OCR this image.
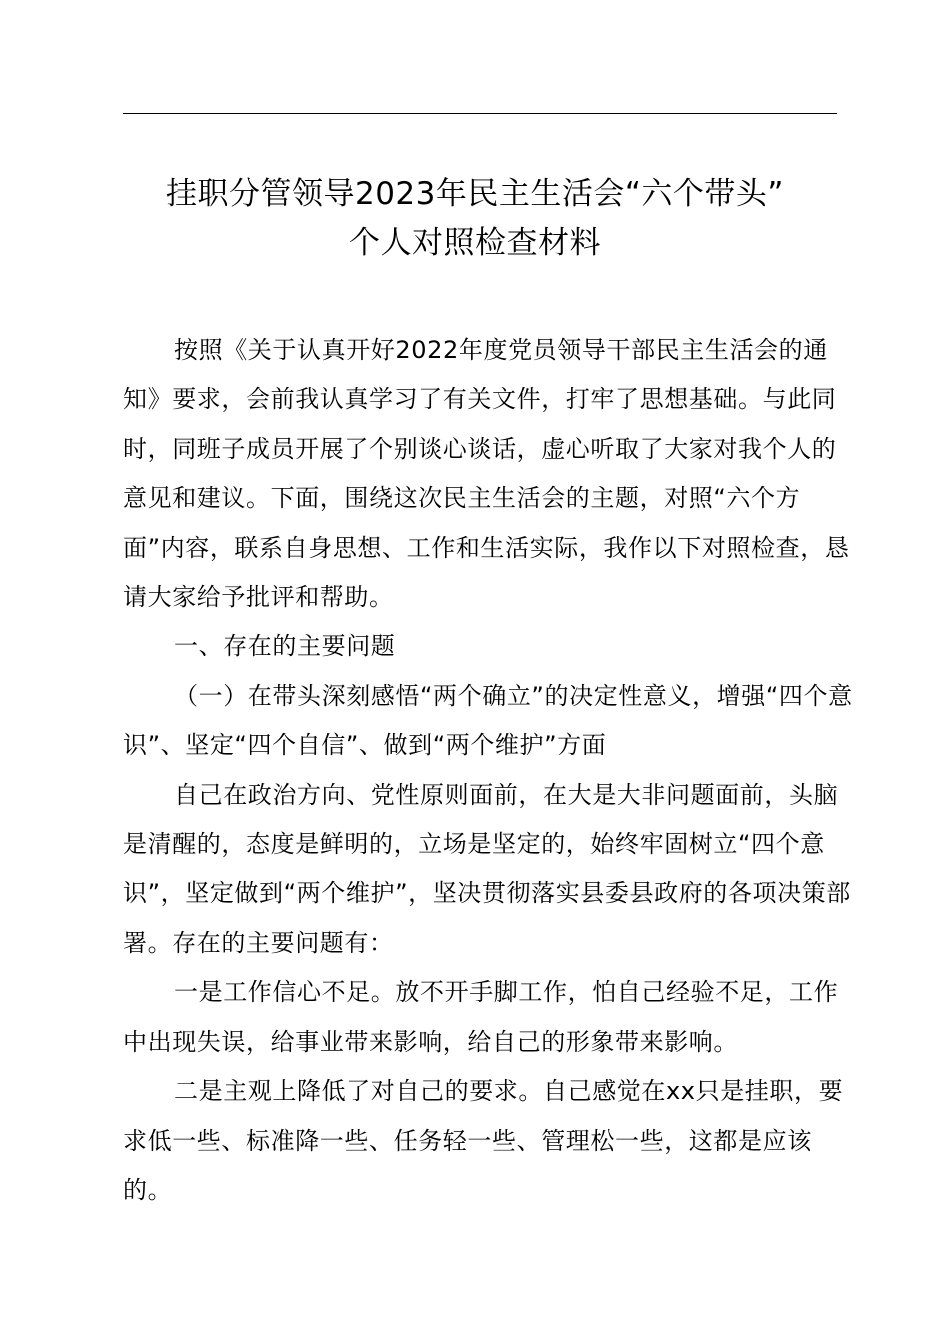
挂职分管领导2023年民主生活会“六个带头”
个人对照检查材料

按照《关于认真开好2022年度党员领导干部民主生活会的通知》要求，会前我认真学习了有关文件，打牢了思想基础。与此同时，同班子成员开展了个别谈心谈话，虚心听取了大家对我个人的意见和建议。下面，围绕这次民主生活会的主题，对照“六个方面”内容，联系自身思想、工作和生活实际，我作以下对照检查，恳请大家给予批评和帮助。

一、存在的主要问题

（一）在带头深刻感悟“两个确立”的决定性意义，增强“四个意识”、坚定“四个自信”、做到“两个维护”方面

自己在政治方向、党性原则面前，在大是大非问题面前，头脑是清醒的，态度是鲜明的，立场是坚定的，始终牢固树立“四个意识”，坚定做到“两个维护”，坚决贯彻落实县委县政府的各项决策部署。存在的主要问题有：

一是工作信心不足。放不开手脚工作，怕自己经验不足，工作中出现失误，给事业带来影响，给自己的形象带来影响。

二是主观上降低了对自己的要求。自己感觉在xx只是挂职，要求低一些、标准降一些、任务轻一些、管理松一些，这都是应该的。
